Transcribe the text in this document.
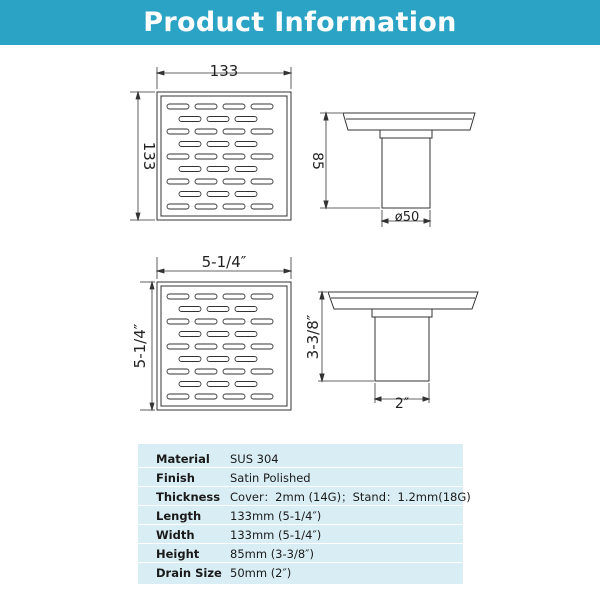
Product Information
133
133	85
ø50
5-1/4″
5-1/4″	3-3/8″
2″
Material SUS 304
Finish	Satin Polished
Thickness Cover：2mm (14G)；Stand：1.2mm(18G)
Length	133mm (5-1/4″)
Width	133mm (5-1/4″)
Height	85mm (3-3/8″)
Drain Size 50mm (2″)
